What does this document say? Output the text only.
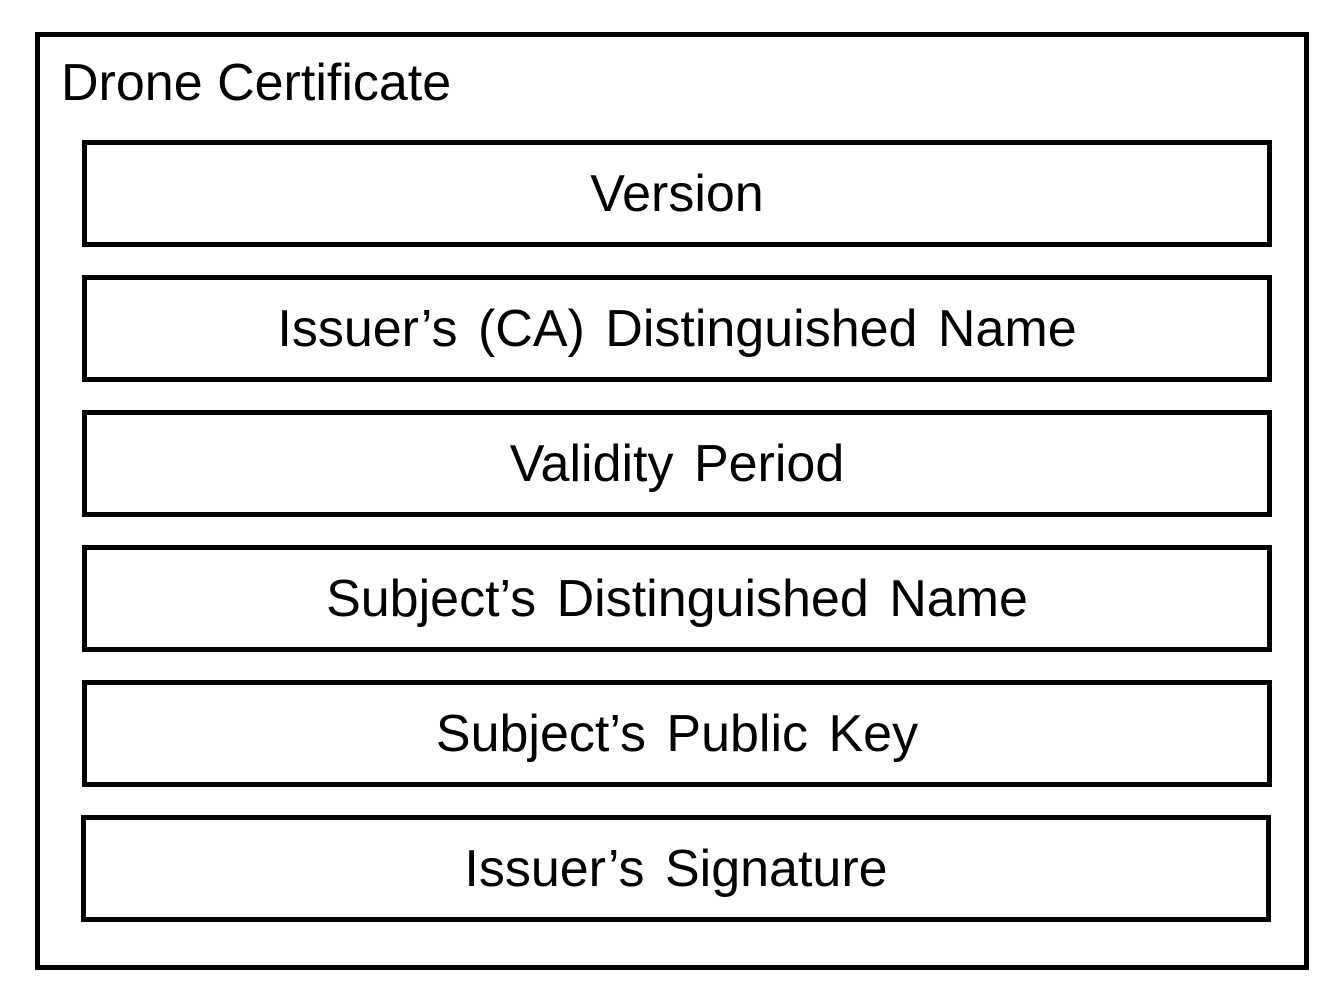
Drone Certificate
Version
Issuer’s (CA) Distinguished Name
Validity Period
Subject’s Distinguished Name
Subject’s Public Key
Issuer’s Signature
